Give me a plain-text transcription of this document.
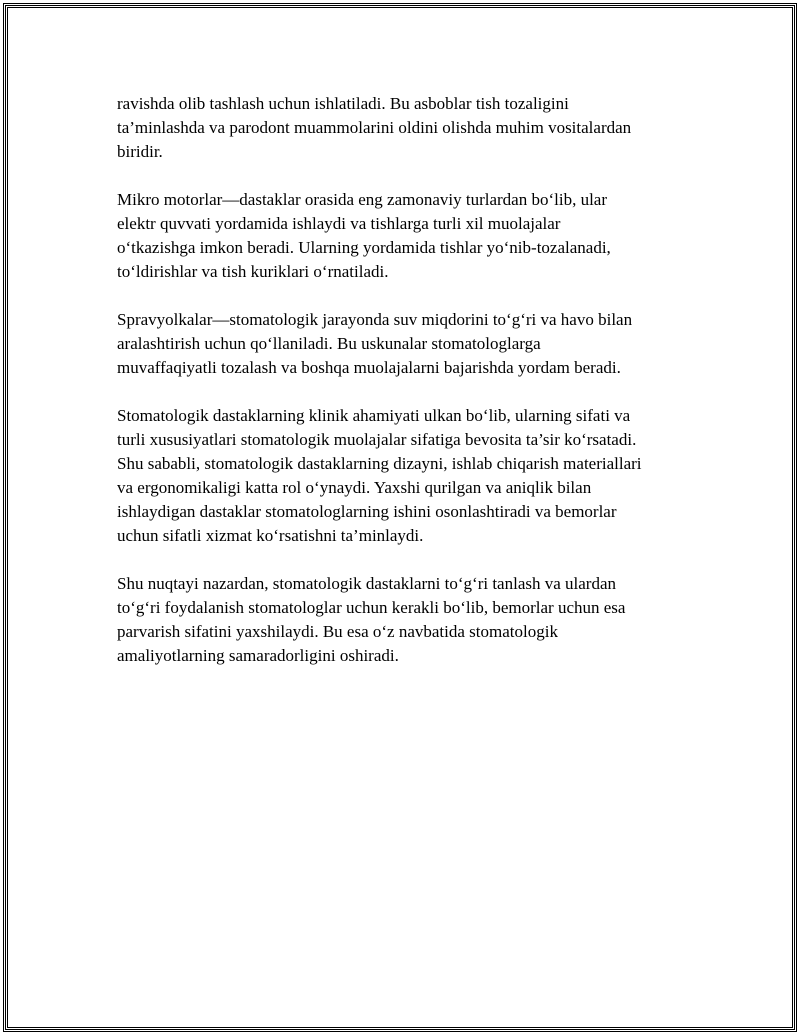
ravishda olib tashlash uchun ishlatiladi. Bu asboblar tish tozaligini
ta’minlashda va parodont muammolarini oldini olishda muhim vositalardan
biridir.

Mikro motorlar—dastaklar orasida eng zamonaviy turlardan bo‘lib, ular
elektr quvvati yordamida ishlaydi va tishlarga turli xil muolajalar
o‘tkazishga imkon beradi. Ularning yordamida tishlar yo‘nib-tozalanadi,
to‘ldirishlar va tish kuriklari o‘rnatiladi.

Spravyolkalar—stomatologik jarayonda suv miqdorini to‘g‘ri va havo bilan
aralashtirish uchun qo‘llaniladi. Bu uskunalar stomatologlarga
muvaffaqiyatli tozalash va boshqa muolajalarni bajarishda yordam beradi.

Stomatologik dastaklarning klinik ahamiyati ulkan bo‘lib, ularning sifati va
turli xususiyatlari stomatologik muolajalar sifatiga bevosita ta’sir ko‘rsatadi.
Shu sababli, stomatologik dastaklarning dizayni, ishlab chiqarish materiallari
va ergonomikaligi katta rol o‘ynaydi. Yaxshi qurilgan va aniqlik bilan
ishlaydigan dastaklar stomatologlarning ishini osonlashtiradi va bemorlar
uchun sifatli xizmat ko‘rsatishni ta’minlaydi.

Shu nuqtayi nazardan, stomatologik dastaklarni to‘g‘ri tanlash va ulardan
to‘g‘ri foydalanish stomatologlar uchun kerakli bo‘lib, bemorlar uchun esa
parvarish sifatini yaxshilaydi. Bu esa o‘z navbatida stomatologik
amaliyotlarning samaradorligini oshiradi.
